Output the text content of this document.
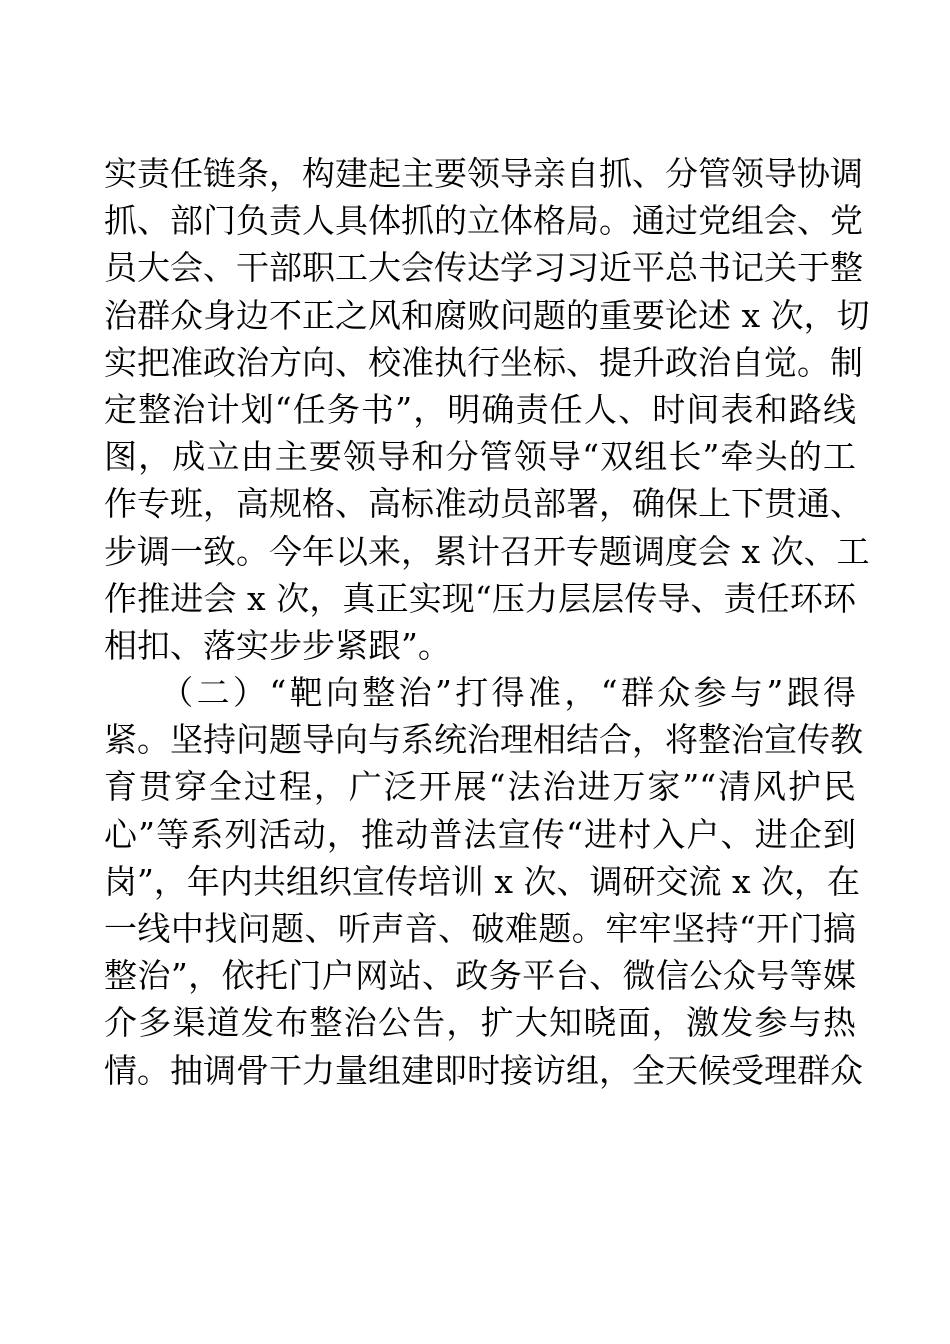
实责任链条，构建起主要领导亲自抓、分管领导协调
抓、部门负责人具体抓的立体格局。通过党组会、党
员大会、干部职工大会传达学习习近平总书记关于整
治群众身边不正之风和腐败问题的重要论述 x 次，切
实把准政治方向、校准执行坐标、提升政治自觉。制
定整治计划“任务书”，明确责任人、时间表和路线
图，成立由主要领导和分管领导“双组长”牵头的工
作专班，高规格、高标准动员部署，确保上下贯通、
步调一致。今年以来，累计召开专题调度会 x 次、工
作推进会 x 次，真正实现“压力层层传导、责任环环
相扣、落实步步紧跟”。
　　（二）“靶向整治”打得准，“群众参与”跟得
紧。坚持问题导向与系统治理相结合，将整治宣传教
育贯穿全过程，广泛开展“法治进万家”“清风护民
心”等系列活动，推动普法宣传“进村入户、进企到
岗”，年内共组织宣传培训 x 次、调研交流 x 次，在
一线中找问题、听声音、破难题。牢牢坚持“开门搞
整治”，依托门户网站、政务平台、微信公众号等媒
介多渠道发布整治公告，扩大知晓面，激发参与热
情。抽调骨干力量组建即时接访组，全天候受理群众
